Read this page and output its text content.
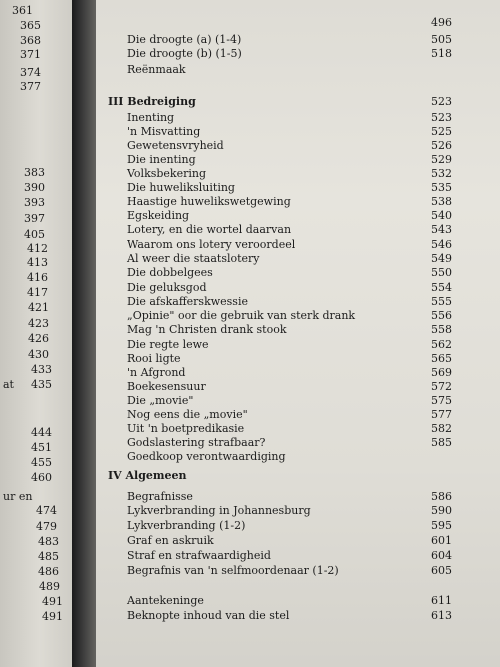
361
365
368
371
374
377
383
390
393
397
405
412
413
416
417
421
423
426
430
433
at 435
444
451
455
460
ur en
474
479
483
485
486
489
491
491
496
Die droogte (a) (1-4)	505
Die droogte (b) (1-5)	518
Reënmaak
III Bedreiging	523
Inenting	523
'n Misvatting	525
Gewetensvryheid	526
Die inenting	529
Volksbekering	532
Die huweliksluiting	535
Haastige huwelikswetgewing	538
Egskeiding	540
Lotery, en die wortel daarvan	543
Waarom ons lotery veroordeel	546
Al weer die staatslotery	549
Die dobbelgees	550
Die geluksgod	554
Die afskafferskwessie	555
„Opinie" oor die gebruik van sterk drank	556
Mag 'n Christen drank stook	558
Die regte lewe	562
Rooi ligte	565
'n Afgrond	569
Boekesensuur	572
Die „movie"	575
Nog eens die „movie"	577
Uit 'n boetpredikasie	582
Godslastering strafbaar?	585
Goedkoop verontwaardiging
IV Algemeen
Begrafnisse	586
Lykverbranding in Johannesburg	590
Lykverbranding (1-2)	595
Graf en askruik	601
Straf en strafwaardigheid	604
Begrafnis van 'n selfmoordenaar (1-2)	605
Aantekeninge	611
Beknopte inhoud van die stel	613
